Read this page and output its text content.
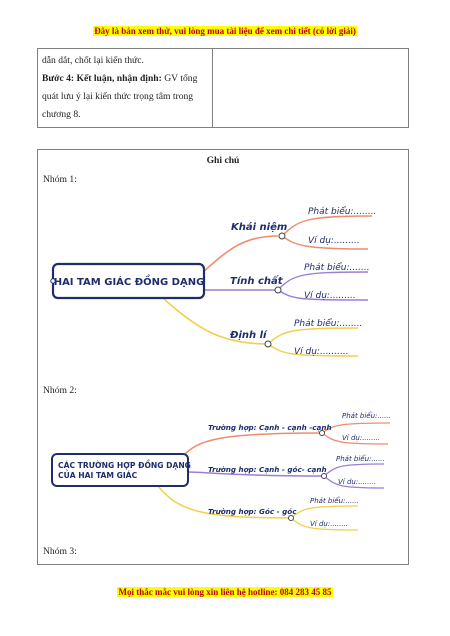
Đây là bản xem thử, vui lòng mua tài liệu để xem chi tiết (có lời giải)
dẫn dắt, chốt lại kiến thức.
Bước 4: Kết luận, nhận định: GV tổng quát lưu ý lại kiến thức trọng tâm trong chương 8.

Ghi chú
Nhóm 1:
Nhóm 2:
Nhóm 3:
HAI TAM GIÁC ĐỒNG DẠNG
Khái niệm
Phát biểu:........
Ví dụ:.........
Tính chất
Phát biểu:.......
Ví dụ:.........
Định lí
Phát biểu:........
Ví dụ:..........
CÁC TRƯỜNG HỢP ĐỒNG DẠNG
CỦA HAI TAM GIÁC
Trường hợp: Cạnh - cạnh -cạnh
Phát biểu:......
Ví dụ:........
Trường hợp: Cạnh - góc- cạnh
Phát biểu:......
Ví dụ:........
Trường hợp: Góc - góc
Phát biểu:......
Ví dụ:........
Mọi thắc mắc vui lòng xin liên hệ hotline: 084 283 45 85
